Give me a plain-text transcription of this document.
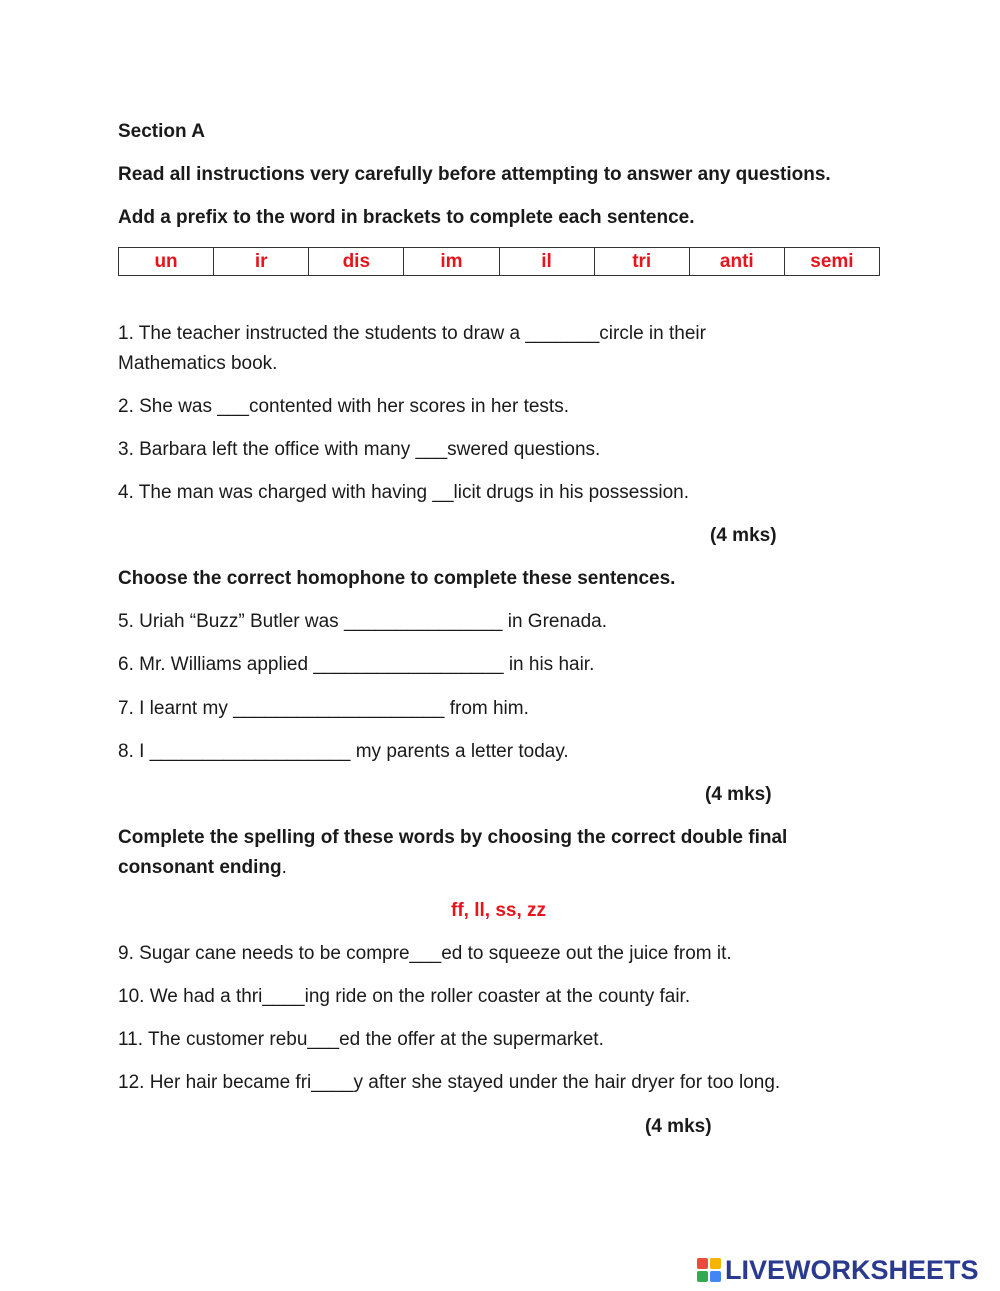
Section A
Read all instructions very carefully before attempting to answer any questions.
Add a prefix to the word in brackets to complete each sentence.
un	ir	dis	im	il	tri	anti	semi
1. The teacher instructed the students to draw a _______circle in their
Mathematics book.
2. She was ___contented with her scores in her tests.
3. Barbara left the office with many ___swered questions.
4. The man was charged with having __licit drugs in his possession.
(4 mks)
Choose the correct homophone to complete these sentences.
5. Uriah “Buzz” Butler was _______________ in Grenada.
6. Mr. Williams applied __________________ in his hair.
7. I learnt my ____________________ from him.
8. I ___________________ my parents a letter today.
(4 mks)
Complete the spelling of these words by choosing the correct double final
consonant ending.
ff, ll, ss, zz
9. Sugar cane needs to be compre___ed to squeeze out the juice from it.
10. We had a thri____ing ride on the roller coaster at the county fair.
11. The customer rebu___ed the offer at the supermarket.
12. Her hair became fri____y after she stayed under the hair dryer for too long.
(4 mks)
LIVEWORKSHEETS
